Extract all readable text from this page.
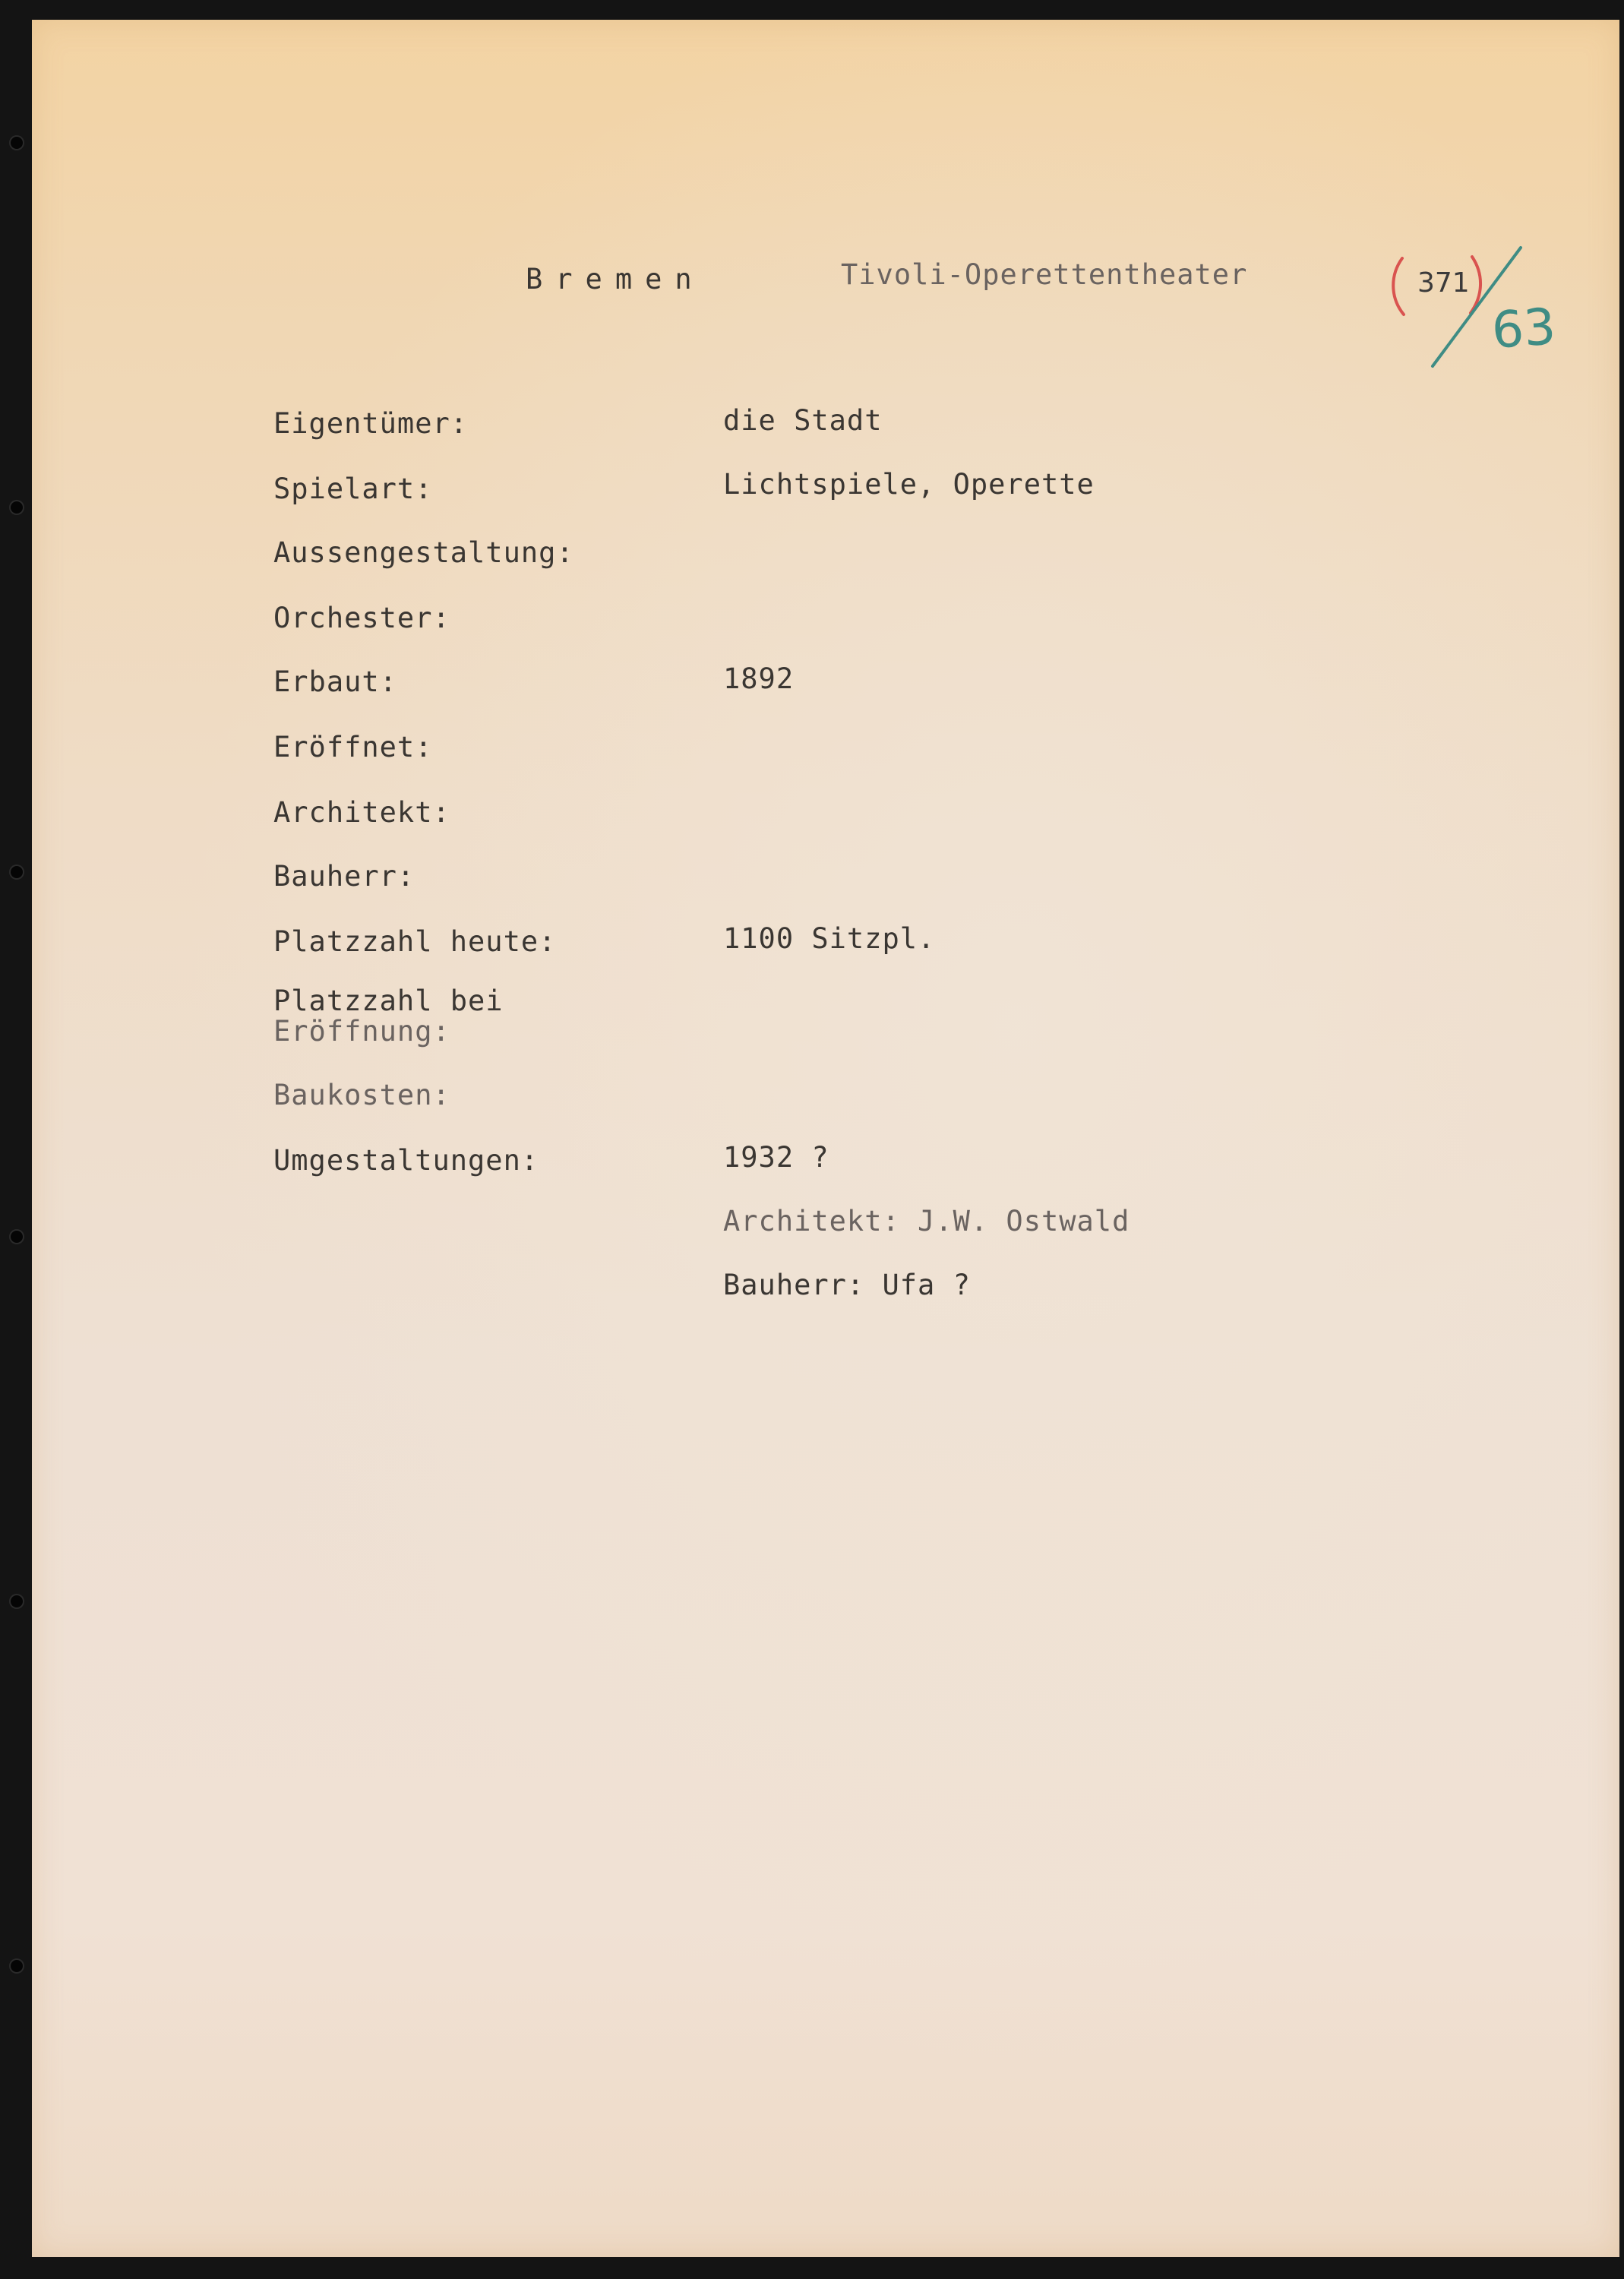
Bremen	Tivoli-Operettentheater	371
63
Eigentümer:	die Stadt
Spielart:	Lichtspiele, Operette
Aussengestaltung:
Orchester:
Erbaut:	1892
Eröffnet:
Architekt:
Bauherr:
Platzzahl heute:	1100 Sitzpl.
Platzzahl bei
Eröffnung:
Baukosten:
Umgestaltungen:	1932 ?
Architekt: J.W. Ostwald
Bauherr: Ufa ?
